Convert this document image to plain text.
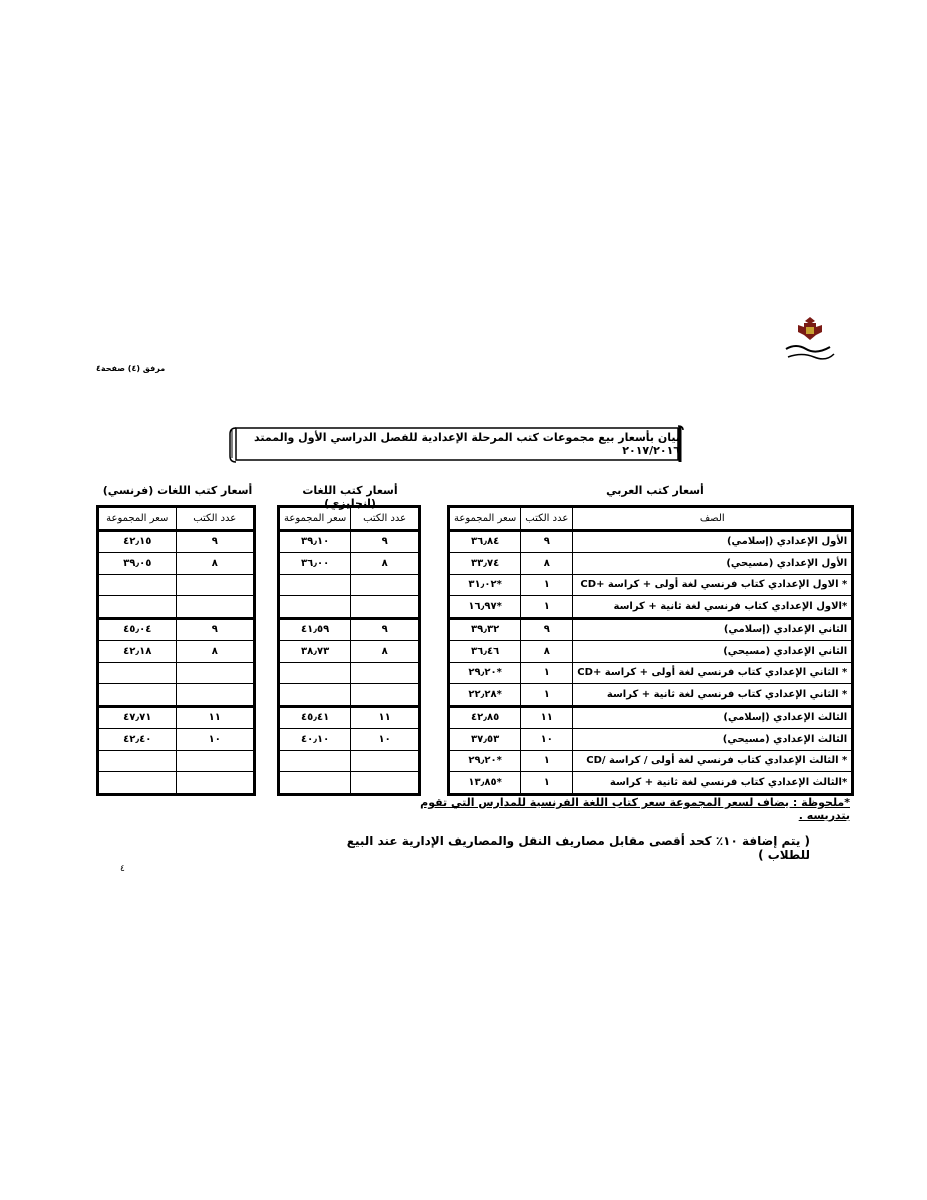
مرفق (٤) صفحة٤
بيان بأسعار بيع مجموعات كتب المرحلة الإعدادية للفصل الدراسي الأول والممتد ٢٠١٧/٢٠١٦
أسعار كتب العربي
أسعار كتب اللغات (انجليزي)
أسعار كتب اللغات (فرنسي)
سعر المجموعة	عدد الكتب
٤٢٫١٥	٩
٣٩٫٠٥	٨

٤٥٫٠٤	٩
٤٢٫١٨	٨

٤٧٫٧١	١١
٤٢٫٤٠	١٠

سعر المجموعة	عدد الكتب
٣٩٫١٠	٩
٣٦٫٠٠	٨

٤١٫٥٩	٩
٣٨٫٧٣	٨

٤٥٫٤١	١١
٤٠٫١٠	١٠

سعر المجموعة	عدد الكتب	الصف
٣٦٫٨٤	٩	الأول الإعدادي (إسلامي)
٣٣٫٧٤	٨	الأول الإعدادي (مسيحي)
٣١٫٠٢*	١	* الاول الإعدادي كتاب فرنسي لغة أولى + كراسة +CD
١٦٫٩٧*	١	*الاول الإعدادي كتاب فرنسي لغة ثانية + كراسة
٣٩٫٣٢	٩	الثاني الإعدادي (إسلامي)
٣٦٫٤٦	٨	الثاني الإعدادي (مسيحي)
٢٩٫٢٠*	١	* الثاني الإعدادي كتاب فرنسي لغة أولى + كراسة +CD
٢٢٫٢٨*	١	* الثاني الإعدادي كتاب فرنسي لغة ثانية + كراسة
٤٢٫٨٥	١١	الثالث الإعدادي (إسلامي)
٣٧٫٥٣	١٠	الثالث الإعدادي (مسيحي)
٢٩٫٢٠*	١	* الثالث الإعدادي كتاب فرنسي لغة أولى / كراسة /CD
١٣٫٨٥*	١	*الثالث الإعدادي كتاب فرنسي لغة ثانية + كراسة
*ملحوظة : يضاف لسعر المجموعة سعر كتاب اللغة الفرنسية للمدارس التي تقوم بتدريسه .
( يتم إضافة ١٠٪ كحد أقصى مقابل مصاريف النقل والمصاريف الإدارية عند البيع للطلاب )
٤
